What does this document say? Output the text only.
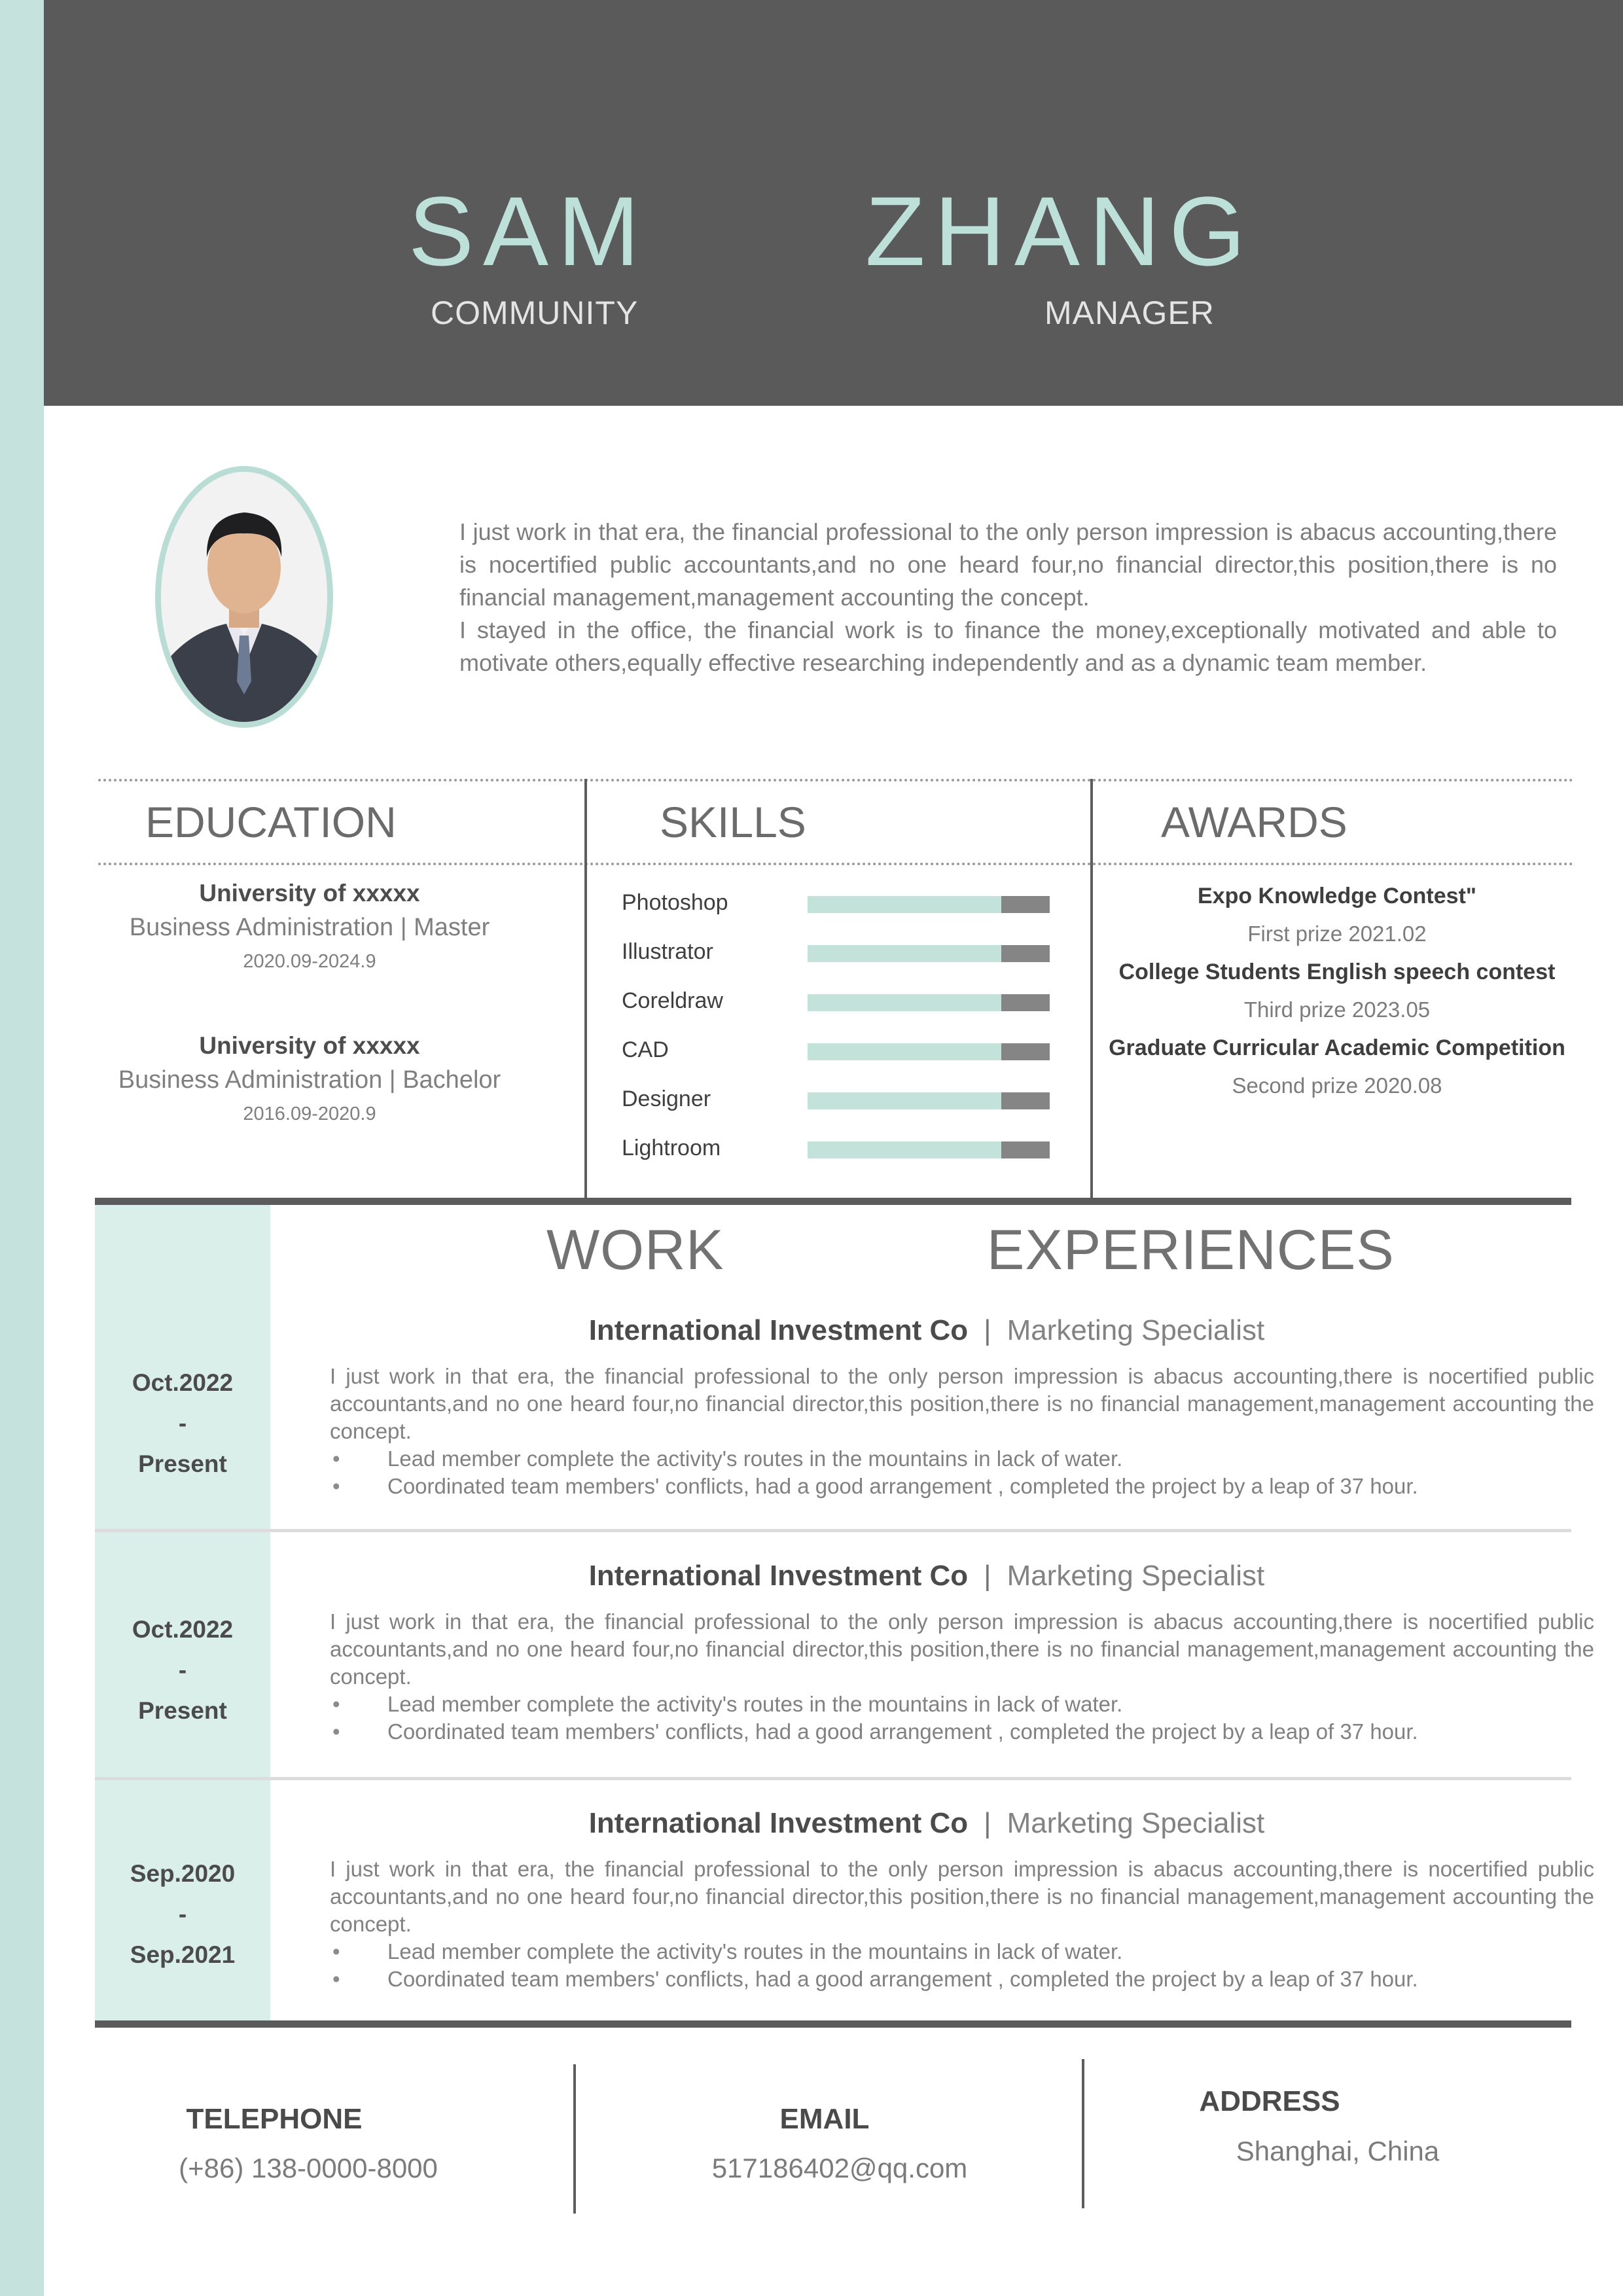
SAM ZHANG
COMMUNITY	MANAGER

I just work in that era, the financial professional to the only person impression is abacus accounting,there is nocertified public accountants,and no one heard four,no financial director,this position,there is no financial management,management accounting the concept.

I stayed in the office, the financial work is to finance the money,exceptionally motivated and able to motivate others,equally effective researching independently and as a dynamic team member.

EDUCATION	SKILLS	AWARDS
University of xxxxx
Business Administration | Master
2020.09-2024.9
University of xxxxx
Business Administration | Bachelor
2016.09-2020.9
Photoshop
Illustrator
Coreldraw
CAD
Designer
Lightroom
Expo Knowledge Contest"
First prize 2021.02
College Students English speech contest
Third prize 2023.05
Graduate Curricular Academic Competition
Second prize 2020.08
WORK	EXPERIENCES
Oct.2022
-
Present
International Investment Co | Marketing Specialist
I just work in that era, the financial professional to the only person impression is abacus accounting,there is nocertified public accountants,and no one heard four,no financial director,this position,there is no financial management,management accounting the concept.
• Lead member complete the activity's routes in the mountains in lack of water.
• Coordinated team members' conflicts, had a good arrangement , completed the project by a leap of 37 hour.
Oct.2022
-
Present
International Investment Co | Marketing Specialist
I just work in that era, the financial professional to the only person impression is abacus accounting,there is nocertified public accountants,and no one heard four,no financial director,this position,there is no financial management,management accounting the concept.
• Lead member complete the activity's routes in the mountains in lack of water.
• Coordinated team members' conflicts, had a good arrangement , completed the project by a leap of 37 hour.
Sep.2020
-
Sep.2021
International Investment Co | Marketing Specialist
I just work in that era, the financial professional to the only person impression is abacus accounting,there is nocertified public accountants,and no one heard four,no financial director,this position,there is no financial management,management accounting the concept.
• Lead member complete the activity's routes in the mountains in lack of water.
• Coordinated team members' conflicts, had a good arrangement , completed the project by a leap of 37 hour.
TELEPHONE
(+86) 138-0000-8000
EMAIL
517186402@qq.com
ADDRESS
Shanghai, China
